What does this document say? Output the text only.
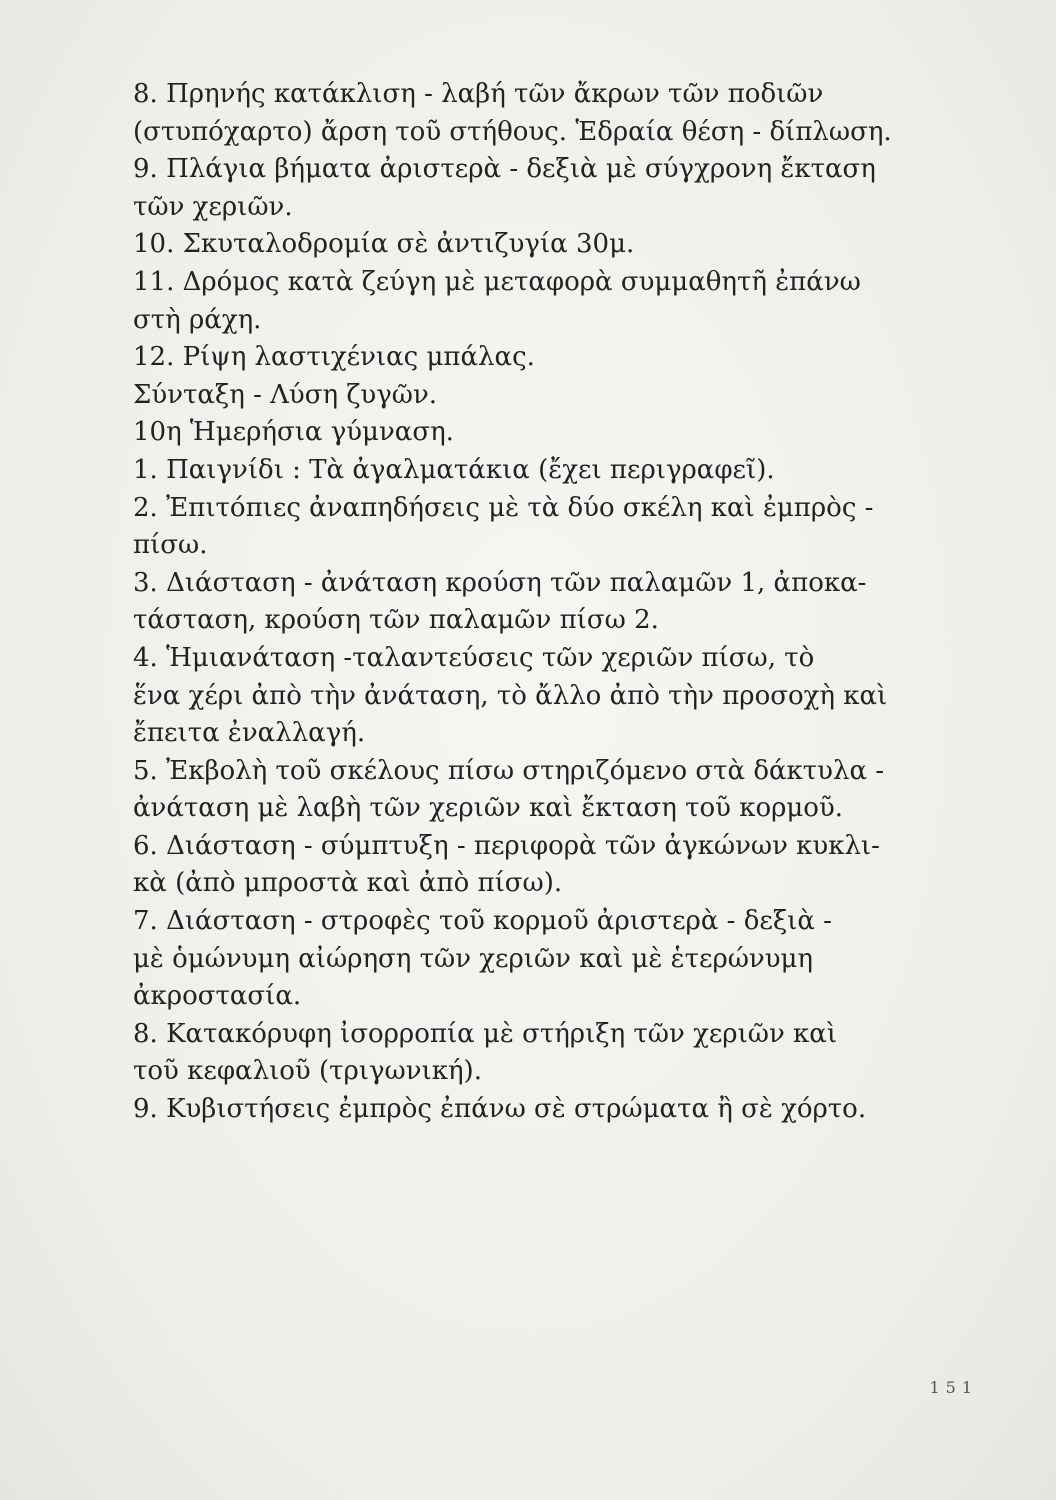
8. Πρηνής κατάκλιση - λαβή τῶν ἄκρων τῶν ποδιῶν
(στυπόχαρτο) ἄρση τοῦ στήθους. Ἑδραία θέση - δίπλωση.
9. Πλάγια βήματα ἀριστερὰ - δεξιὰ μὲ σύγχρονη ἔκταση
τῶν χεριῶν.
10. Σκυταλοδρομία σὲ ἀντιζυγία 30μ.
11. Δρόμος κατὰ ζεύγη μὲ μεταφορὰ συμμαθητῆ ἐπάνω
στὴ ράχη.
12. Ρίψη λαστιχένιας μπάλας.
Σύνταξη - Λύση ζυγῶν.
10η Ἡμερήσια γύμναση.
1. Παιγνίδι : Τὰ ἀγαλματάκια (ἔχει περιγραφεῖ).
2. Ἐπιτόπιες ἀναπηδήσεις μὲ τὰ δύο σκέλη καὶ ἐμπρὸς -
πίσω.
3. Διάσταση - ἀνάταση κρούση τῶν παλαμῶν 1, ἀποκα-
τάσταση, κρούση τῶν παλαμῶν πίσω 2.
4. Ἡμιανάταση -ταλαντεύσεις τῶν χεριῶν πίσω, τὸ
ἕνα χέρι ἀπὸ τὴν ἀνάταση, τὸ ἄλλο ἀπὸ τὴν προσοχὴ καὶ
ἔπειτα ἐναλλαγή.
5. Ἐκβολὴ τοῦ σκέλους πίσω στηριζόμενο στὰ δάκτυλα -
ἀνάταση μὲ λαβὴ τῶν χεριῶν καὶ ἔκταση τοῦ κορμοῦ.
6. Διάσταση - σύμπτυξη - περιφορὰ τῶν ἀγκώνων κυκλι-
κὰ (ἀπὸ μπροστὰ καὶ ἀπὸ πίσω).
7. Διάσταση - στροφὲς τοῦ κορμοῦ ἀριστερὰ - δεξιὰ -
μὲ ὁμώνυμη αἰώρηση τῶν χεριῶν καὶ μὲ ἑτερώνυμη
ἀκροστασία.
8. Κατακόρυφη ἰσορροπία μὲ στήριξη τῶν χεριῶν καὶ
τοῦ κεφαλιοῦ (τριγωνική).
9. Κυβιστήσεις ἐμπρὸς ἐπάνω σὲ στρώματα ἢ σὲ χόρτο.
151
